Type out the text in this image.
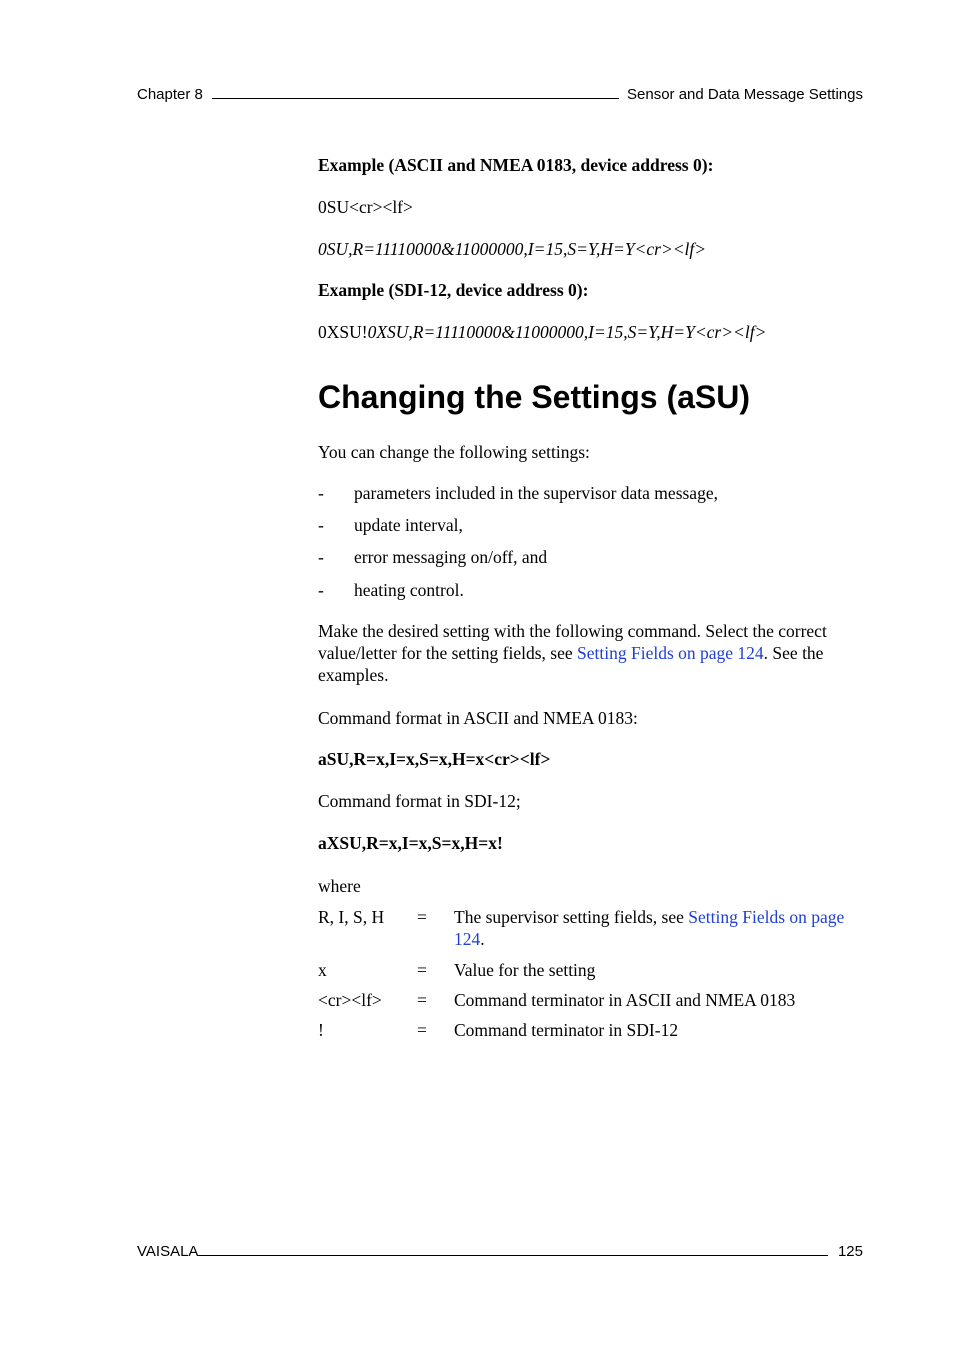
Chapter 8	Sensor and Data Message Settings

Example (ASCII and NMEA 0183, device address 0):

0SU<cr><lf>

0SU,R=11110000&11000000,I=15,S=Y,H=Y<cr><lf>

Example (SDI-12, device address 0):

0XSU!0XSU,R=11110000&11000000,I=15,S=Y,H=Y<cr><lf>

Changing the Settings (aSU)

You can change the following settings:

- parameters included in the supervisor data message,
- update interval,
- error messaging on/off, and
- heating control.

Make the desired setting with the following command. Select the correct value/letter for the setting fields, see Setting Fields on page 124. See the examples.

Command format in ASCII and NMEA 0183:

aSU,R=x,I=x,S=x,H=x<cr><lf>

Command format in SDI-12;

aXSU,R=x,I=x,S=x,H=x!

where

R, I, S, H = The supervisor setting fields, see Setting Fields on page 124.
x	= Value for the setting
<cr><lf> = Command terminator in ASCII and NMEA 0183
!	= Command terminator in SDI-12
VAISALA	125
